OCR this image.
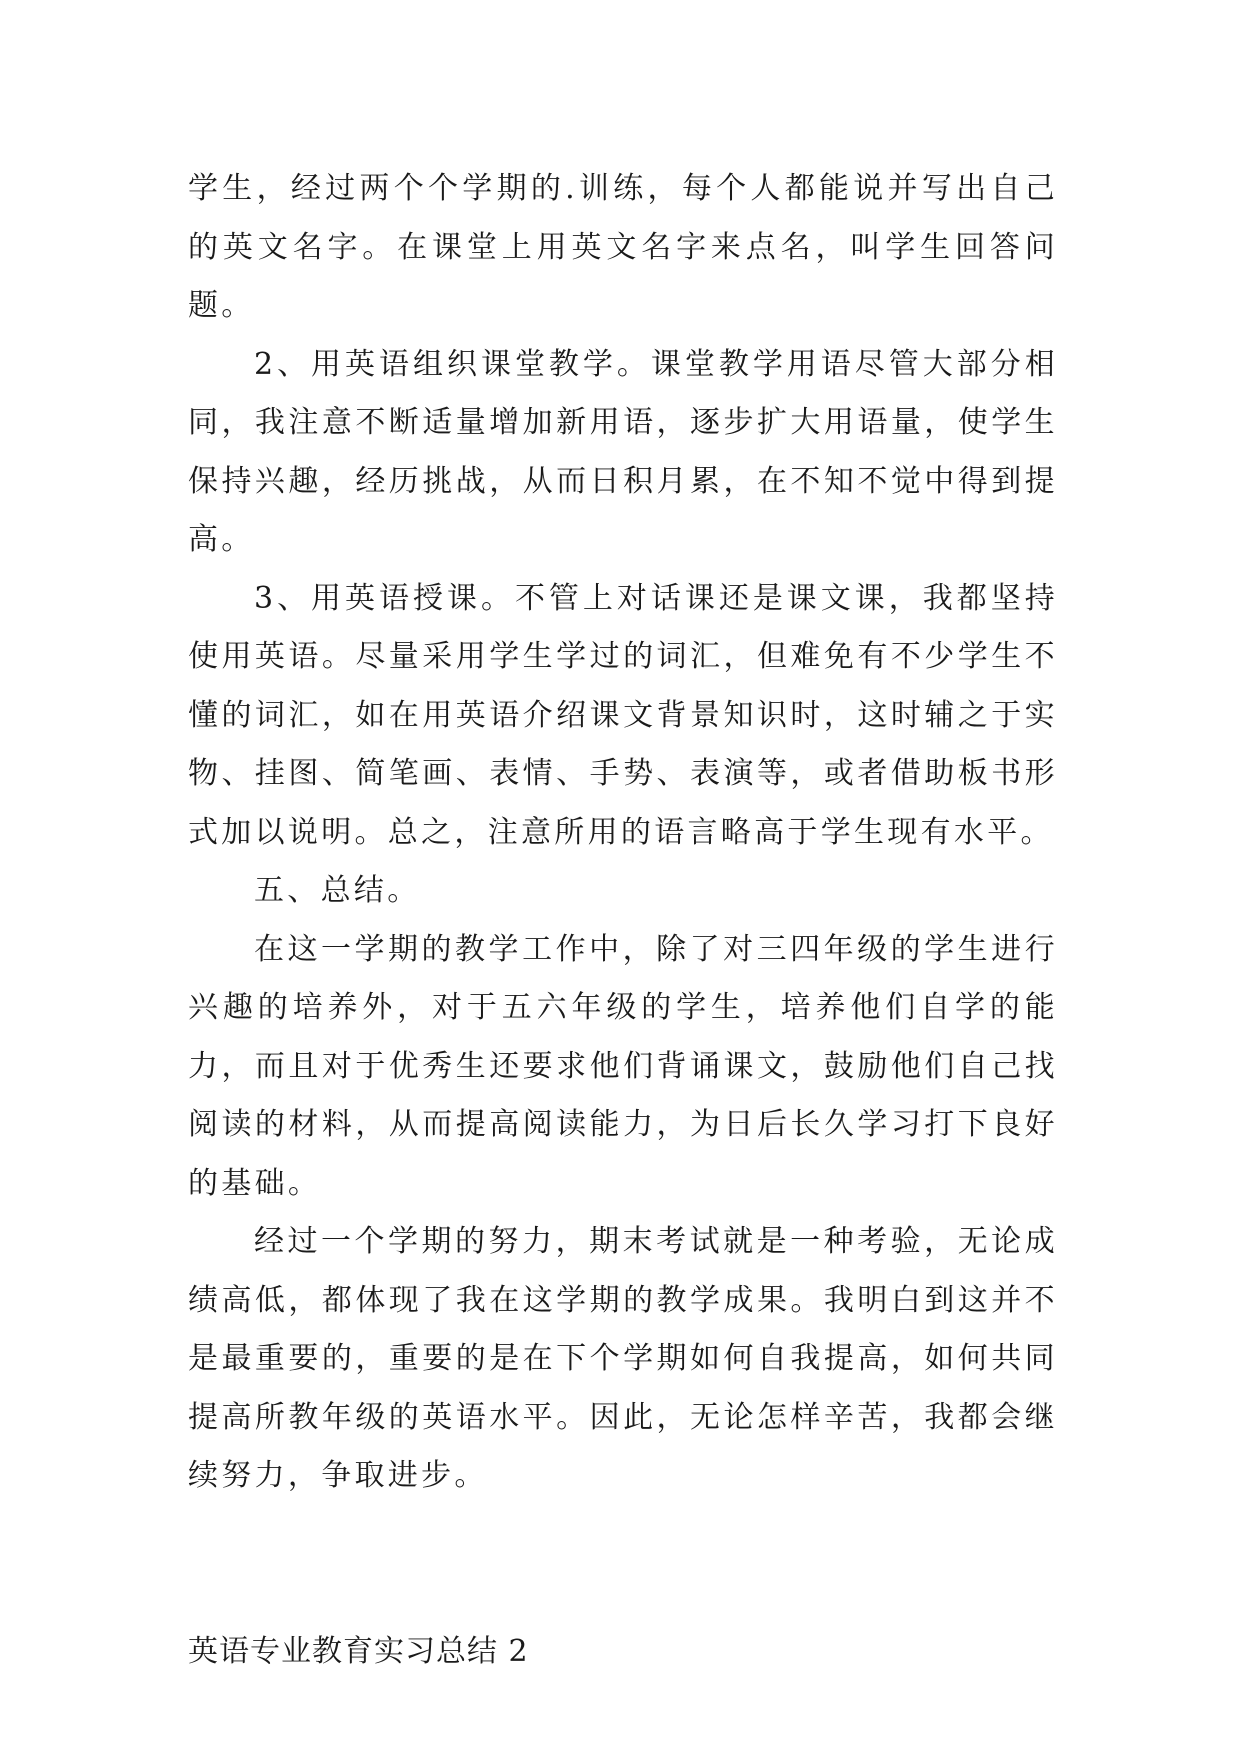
学生，经过两个个学期的.训练，每个人都能说并写出自己的英文名字。在课堂上用英文名字来点名，叫学生回答问题。

2、用英语组织课堂教学。课堂教学用语尽管大部分相同，我注意不断适量增加新用语，逐步扩大用语量，使学生保持兴趣，经历挑战，从而日积月累，在不知不觉中得到提高。

3、用英语授课。不管上对话课还是课文课，我都坚持使用英语。尽量采用学生学过的词汇，但难免有不少学生不懂的词汇，如在用英语介绍课文背景知识时，这时辅之于实物、挂图、简笔画、表情、手势、表演等，或者借助板书形式加以说明。总之，注意所用的语言略高于学生现有水平。

五、总结。

在这一学期的教学工作中，除了对三四年级的学生进行兴趣的培养外，对于五六年级的学生，培养他们自学的能力，而且对于优秀生还要求他们背诵课文，鼓励他们自己找阅读的材料，从而提高阅读能力，为日后长久学习打下良好的基础。

经过一个学期的努力，期末考试就是一种考验，无论成绩高低，都体现了我在这学期的教学成果。我明白到这并不是最重要的，重要的是在下个学期如何自我提高，如何共同提高所教年级的英语水平。因此，无论怎样辛苦，我都会继续努力，争取进步。

英语专业教育实习总结 2
